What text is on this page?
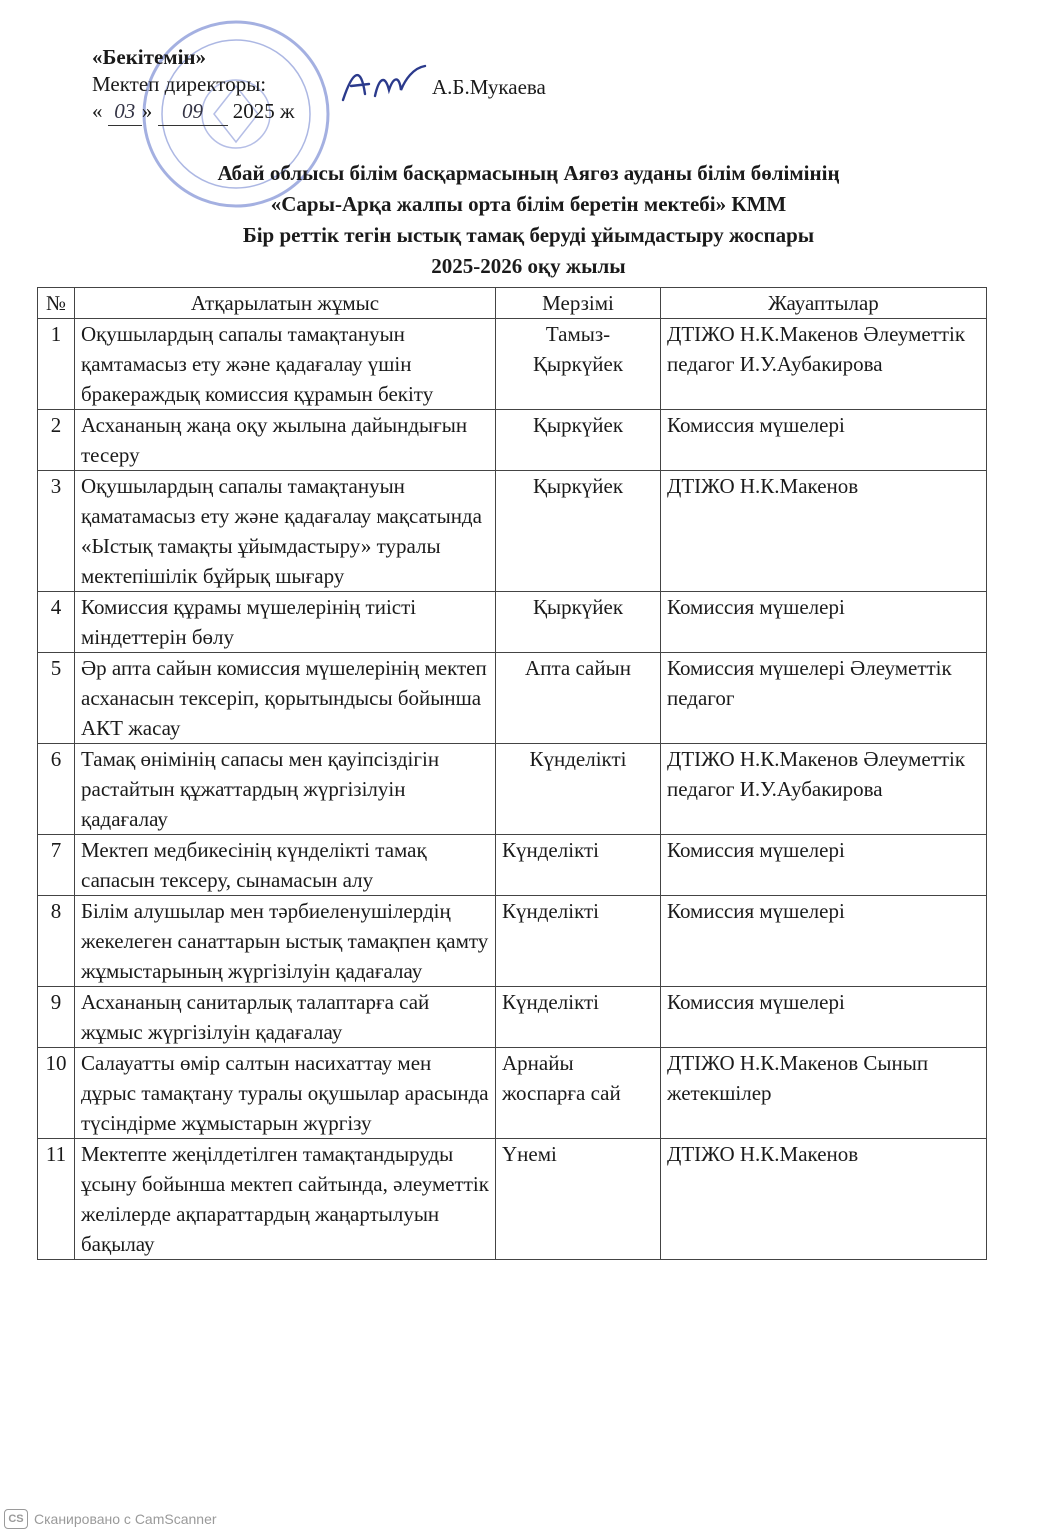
«Бекітемін»
Мектеп директоры:
« 03 » 09 2025 ж
А.Б.Мукаева
Абай облысы білім басқармасының Аягөз ауданы білім бөлімінің
«Сары-Арқа жалпы орта білім беретін мектебі» КММ
Бір реттік тегін ыстық тамақ беруді ұйымдастыру жоспары
2025-2026 оқу жылы
№	Атқарылатын жұмыс	Мерзімі	Жауаптылар
1	Оқушылардың сапалы тамақтануын қамтамасыз ету және қадағалау үшін бракераждық комиссия құрамын бекіту	Тамыз-Қыркүйек	ДТІЖО Н.К.Макенов Әлеуметтік педагог И.У.Аубакирова
2	Асхананың жаңа оқу жылына дайындығын тесеру	Қыркүйек	Комиссия мүшелері
3	Оқушылардың сапалы тамақтануын қаматамасыз ету және қадағалау мақсатында «Ыстық тамақты ұйымдастыру» туралы мектепішілік бұйрық шығару	Қыркүйек	ДТІЖО Н.К.Макенов
4	Комиссия құрамы мүшелерінің тиісті міндеттерін бөлу	Қыркүйек	Комиссия мүшелері
5	Әр апта сайын комиссия мүшелерінің мектеп асханасын тексеріп, қорытындысы бойынша АКТ жасау	Апта сайын	Комиссия мүшелері Әлеуметтік педагог
6	Тамақ өнімінің сапасы мен қауіпсіздігін растайтын құжаттардың жүргізілуін қадағалау	Күнделікті	ДТІЖО Н.К.Макенов Әлеуметтік педагог И.У.Аубакирова
7	Мектеп медбикесінің күнделікті тамақ сапасын тексеру, сынамасын алу	Күнделікті	Комиссия мүшелері
8	Білім алушылар мен тәрбиеленушілердің жекелеген санаттарын ыстық тамақпен қамту жұмыстарының жүргізілуін қадағалау	Күнделікті	Комиссия мүшелері
9	Асхананың санитарлық талаптарға сай жұмыс жүргізілуін қадағалау	Күнделікті	Комиссия мүшелері
10	Салауатты өмір салтын насихаттау мен дұрыс тамақтану туралы оқушылар арасында түсіндірме жұмыстарын жүргізу	Арнайы жоспарға сай	ДТІЖО Н.К.Макенов Сынып жетекшілер
11	Мектепте жеңілдетілген тамақтандыруды ұсыну бойынша мектеп сайтында, әлеуметтік желілерде ақпараттардың жаңартылуын бақылау	Үнемі	ДТІЖО Н.К.Макенов
CS Сканировано с CamScanner
